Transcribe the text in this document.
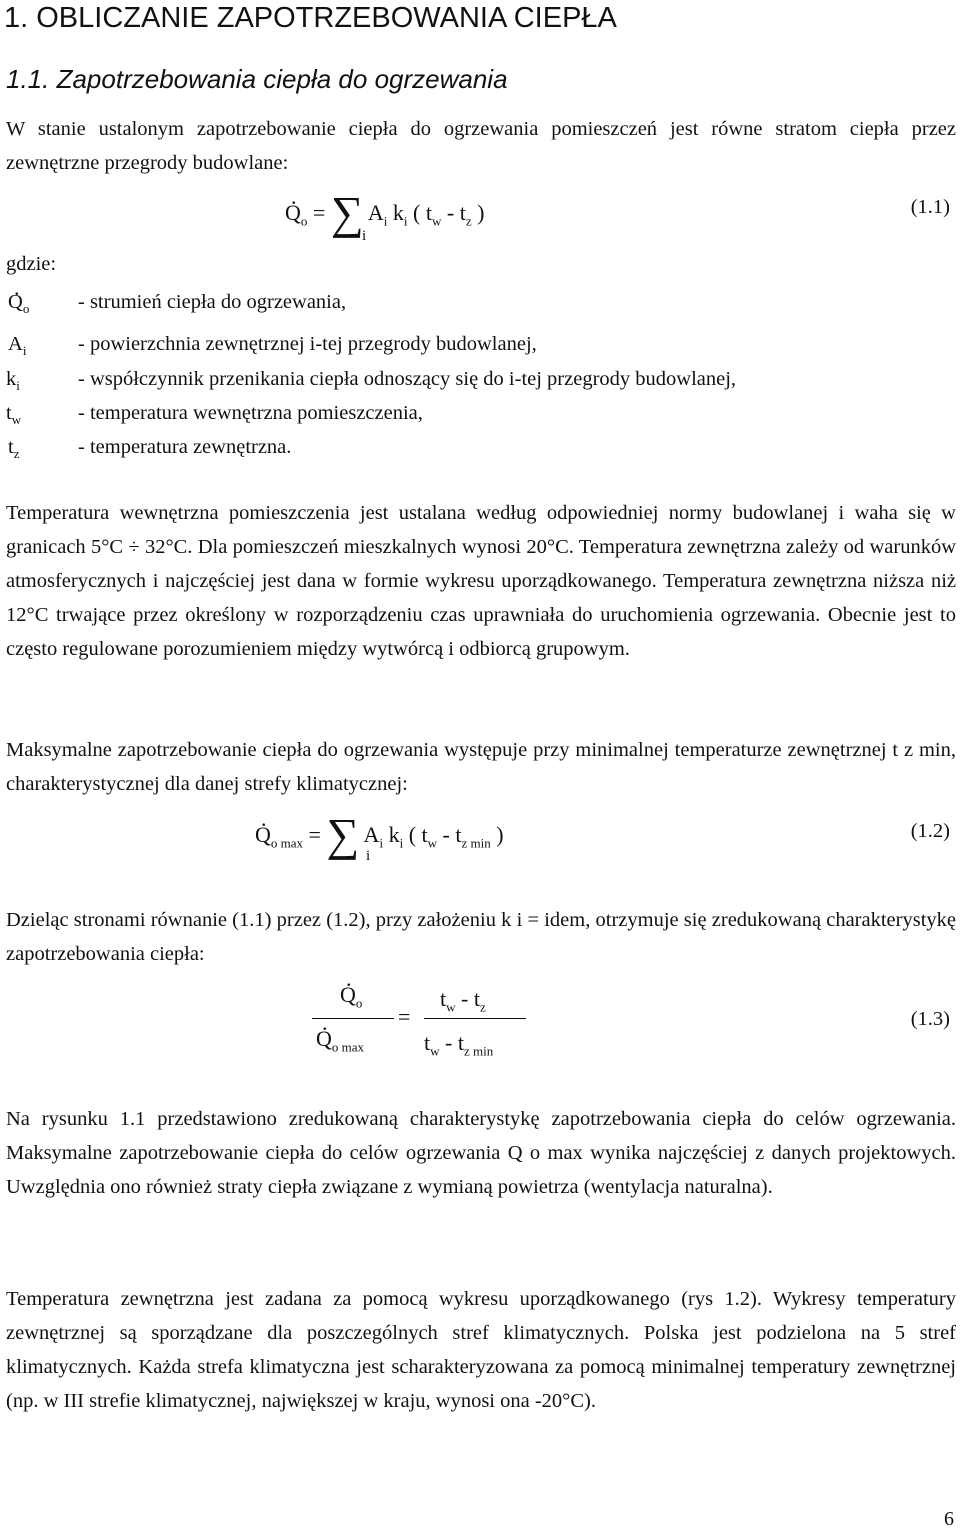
1. OBLICZANIE ZAPOTRZEBOWANIA CIEPŁA
1.1. Zapotrzebowania ciepła do ogrzewania
W stanie ustalonym zapotrzebowanie ciepła do ogrzewania pomieszczeń jest równe stratom ciepła przez zewnętrzne przegrody budowlane:
. $Q_o$ = ∑ $A_i$ $k_i$ ( $t_w - t_z$ )
i
(1.1)
gdzie:
. $Q_o$ - strumień ciepła do ogrzewania,
$A_i$	- powierzchnia zewnętrznej i-tej przegrody budowlanej,
$k_i$	- współczynnik przenikania ciepła odnoszący się do i-tej przegrody budowlanej,
$t_w$	- temperatura wewnętrzna pomieszczenia,
$t_z$	- temperatura zewnętrzna.
Temperatura wewnętrzna pomieszczenia jest ustalana według odpowiedniej normy budowlanej i waha się w granicach 5°C ÷ 32°C. Dla pomieszczeń mieszkalnych wynosi 20°C. Temperatura zewnętrzna zależy od warunków atmosferycznych i najczęściej jest dana w formie wykresu uporządkowanego. Temperatura zewnętrzna niższa niż 12°C trwające przez określony w rozporządzeniu czas uprawniała do uruchomienia ogrzewania. Obecnie jest to często regulowane porozumieniem między wytwórcą i odbiorcą grupowym.
Maksymalne zapotrzebowanie ciepła do ogrzewania występuje przy minimalnej temperaturze zewnętrznej t z min, charakterystycznej dla danej strefy klimatycznej:
. $Q_{o max}$ = ∑ $A_i$ $k_i$ ( $t_w - t_{z min}$ )
i
(1.2)
Dzieląc stronami równanie (1.1) przez (1.2), przy założeniu k i = idem, otrzymuje się zredukowaną charakterystykę zapotrzebowania ciepła:
. $Q_o$
. $Q_{o max}$
=
$t_w - t_z$
$t_w - t_{z min}$
(1.3)
Na rysunku 1.1 przedstawiono zredukowaną charakterystykę zapotrzebowania ciepła do celów ogrzewania. Maksymalne zapotrzebowanie ciepła do celów ogrzewania Q o max wynika najczęściej z danych projektowych. Uwzględnia ono również straty ciepła związane z wymianą powietrza (wentylacja naturalna).
Temperatura zewnętrzna jest zadana za pomocą wykresu uporządkowanego (rys 1.2). Wykresy temperatury zewnętrznej są sporządzane dla poszczególnych stref klimatycznych. Polska jest podzielona na 5 stref klimatycznych. Każda strefa klimatyczna jest scharakteryzowana za pomocą minimalnej temperatury zewnętrznej (np. w III strefie klimatycznej, największej w kraju, wynosi ona -20°C).
6
